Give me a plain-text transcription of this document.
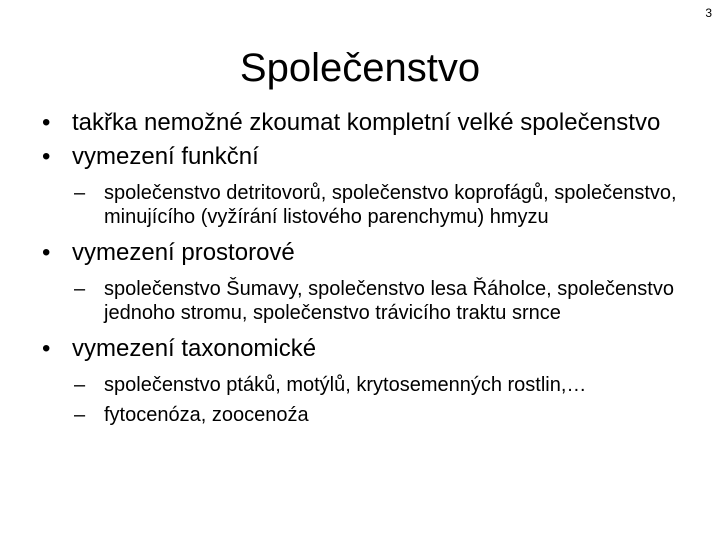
3
Společenstvo
• takřka nemožné zkoumat kompletní velké společenstvo
• vymezení funkční
– společenstvo detritovorů, společenstvo koprofágů, společenstvo, minujícího (vyžírání listového parenchymu) hmyzu
• vymezení prostorové
– společenstvo Šumavy, společenstvo lesa Řáholce, společenstvo jednoho stromu, společenstvo trávicího traktu srnce
• vymezení taxonomické
– společenstvo ptáků, motýlů, krytosemenných rostlin,…
– fytocenóza, zoocenoźa
